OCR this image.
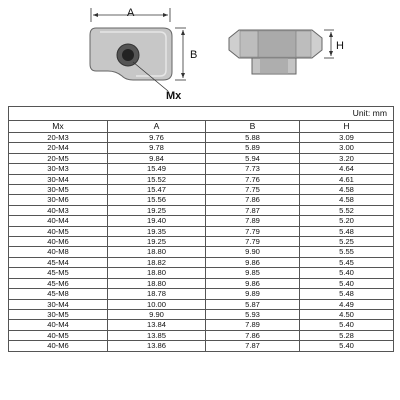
A
B
Mx
H
Unit: mm			
Mx	A	B	H
20-M3	9.76	5.88	3.09
20-M4	9.78	5.89	3.00
20-M5	9.84	5.94	3.20
30-M3	15.49	7.73	4.64
30-M4	15.52	7.76	4.61
30-M5	15.47	7.75	4.58
30-M6	15.56	7.86	4.58
40-M3	19.25	7.87	5.52
40-M4	19.40	7.89	5.20
40-M5	19.35	7.79	5.48
40-M6	19.25	7.79	5.25
40-M8	18.80	9.90	5.55
45-M4	18.82	9.86	5.45
45-M5	18.80	9.85	5.40
45-M6	18.80	9.86	5.40
45-M8	18.78	9.89	5.48
30-M4	10.00	5.87	4.49
30-M5	9.90	5.93	4.50
40-M4	13.84	7.89	5.40
40-M5	13.85	7.86	5.28
40-M6	13.86	7.87	5.40
